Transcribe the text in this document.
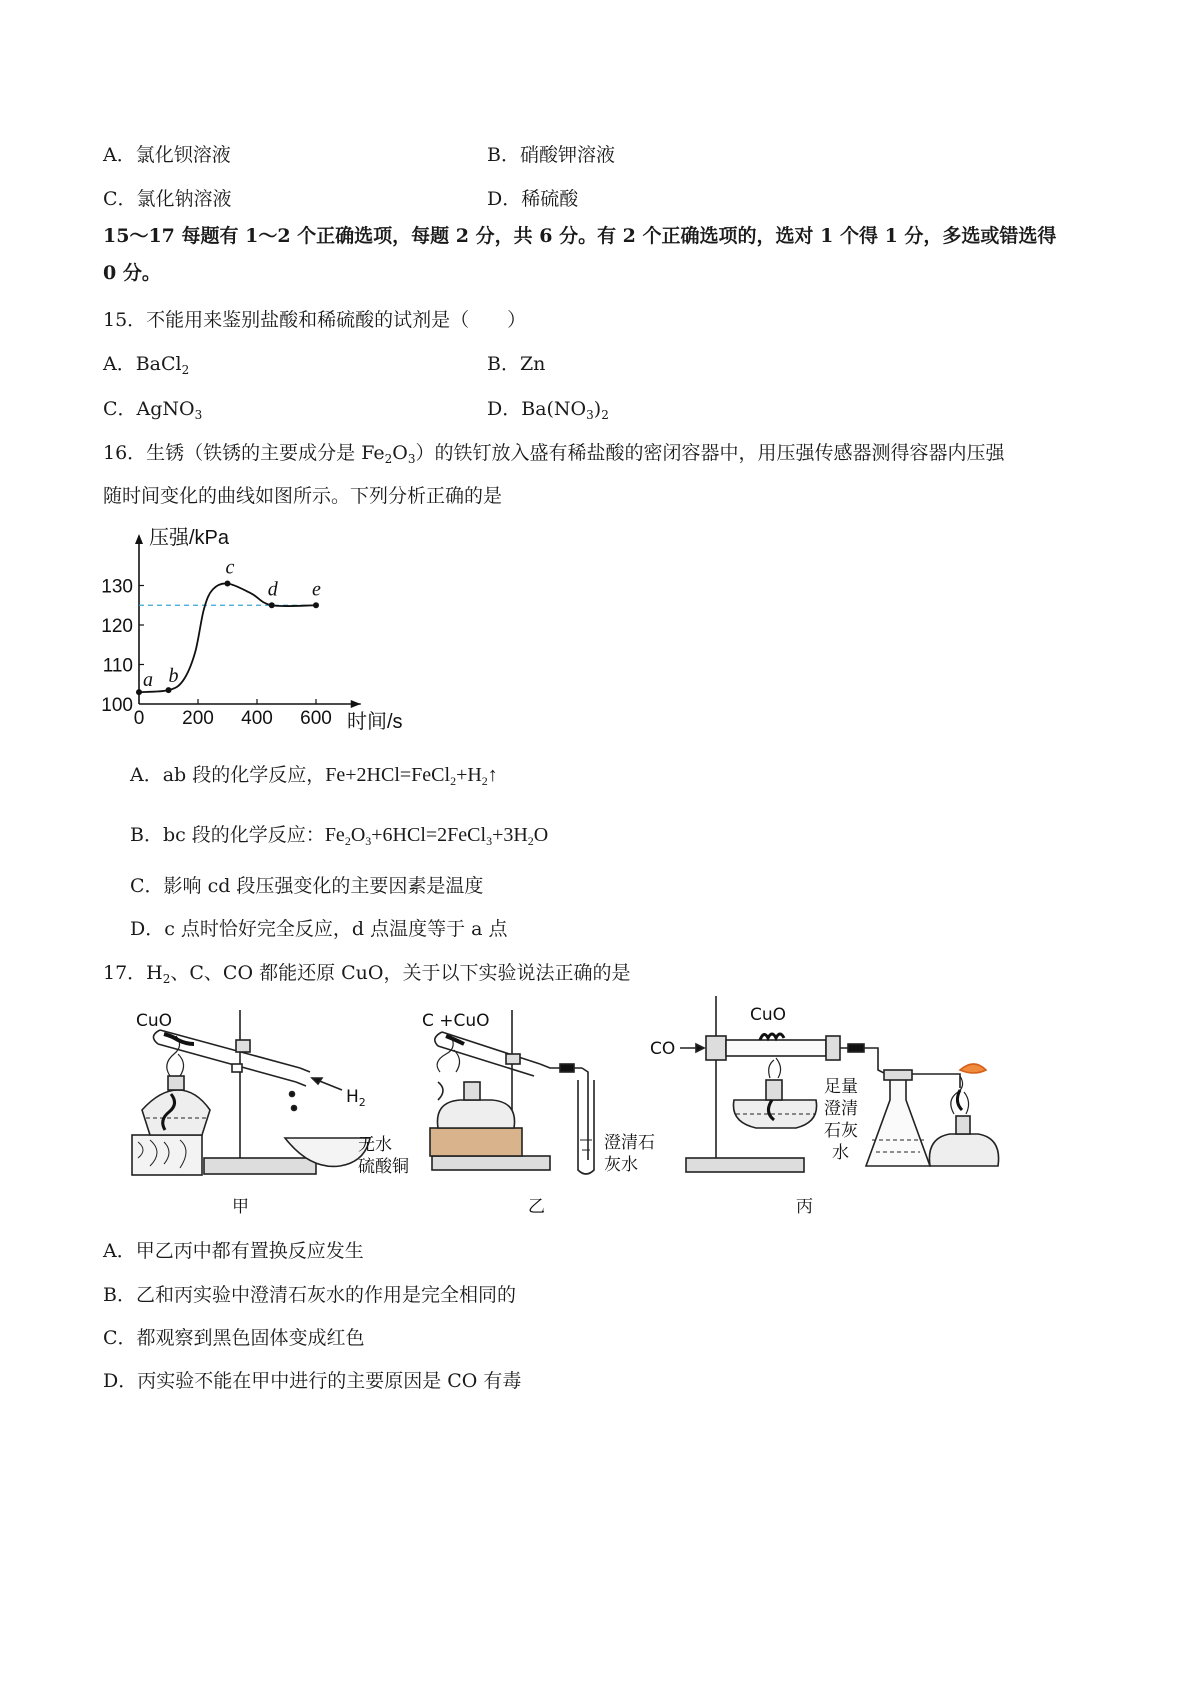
A．氯化钡溶液	B．硝酸钾溶液
C．氯化钠溶液	D．稀硫酸
15～17 每题有 1～2 个正确选项，每题 2 分，共 6 分。有 2 个正确选项的，选对 1 个得 1 分，多选或错选得
0 分。
15．不能用来鉴别盐酸和稀硫酸的试剂是（　　）
A．BaCl$_2$	B．Zn
C．AgNO$_3$	D．$Ba(NO_3)_2$
16．生锈（铁锈的主要成分是 $Fe_2O_3$）的铁钉放入盛有稀盐酸的密闭容器中，用压强传感器测得容器内压强
随时间变化的曲线如图所示。下列分析正确的是
0 200 400 600
100
110
120
130
a b
c
d e
压强/kPa
时间/s
A．ab 段的化学反应，$Fe+2HCl=FeCl_2+H_2↑$
B．bc 段的化学反应：$Fe_2O_3+6HCl=2FeCl_3+3H_2O$
C．影响 cd 段压强变化的主要因素是温度
D．c 点时恰好完全反应，d 点温度等于 a 点
17．$H_2$、C、CO 都能还原 CuO，关于以下实验说法正确的是
CuO
$H_2$
无水
硫酸铜
甲
C +CuO
澄清石
灰水
乙
CO
CuO
足量
澄清
石灰
水
丙
A．甲乙丙中都有置换反应发生
B．乙和丙实验中澄清石灰水的作用是完全相同的
C．都观察到黑色固体变成红色
D．丙实验不能在甲中进行的主要原因是 CO 有毒
